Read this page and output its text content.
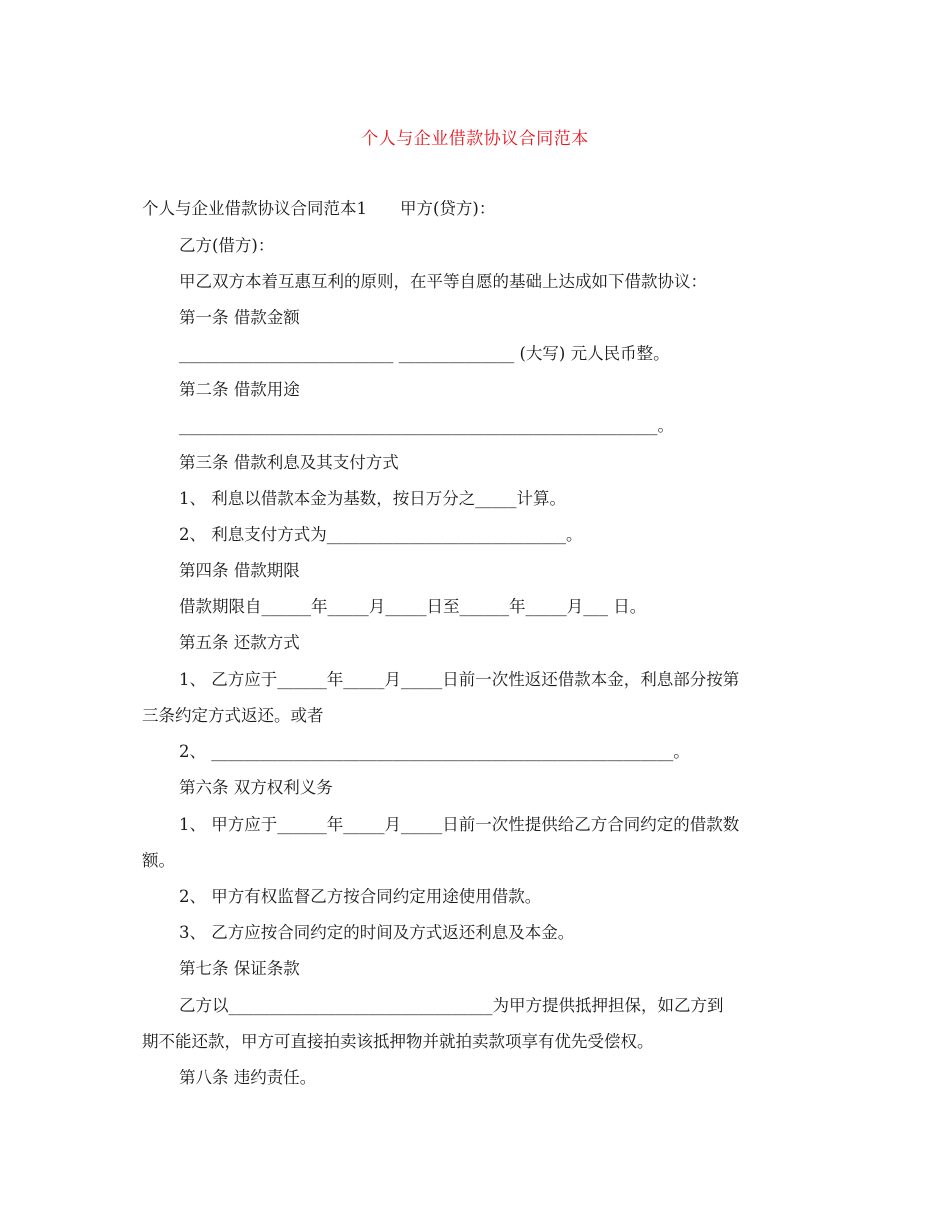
个人与企业借款协议合同范本
个人与企业借款协议合同范本1　　甲方(贷方)：
乙方(借方)：
甲乙双方本着互惠互利的原则，在平等自愿的基础上达成如下借款协议：
第一条 借款金额
__________________________ ______________ (大写) 元人民币整。
第二条 借款用途
__________________________________________________________。
第三条 借款利息及其支付方式
1、 利息以借款本金为基数，按日万分之_____计算。
2、 利息支付方式为_____________________________。
第四条 借款期限
借款期限自______年_____月_____日至______年_____月___ 日。
第五条 还款方式
1、 乙方应于______年_____月_____日前一次性返还借款本金，利息部分按第
三条约定方式返还。或者
2、 ________________________________________________________。
第六条 双方权利义务
1、 甲方应于______年_____月_____日前一次性提供给乙方合同约定的借款数
额。
2、 甲方有权监督乙方按合同约定用途使用借款。
3、 乙方应按合同约定的时间及方式返还利息及本金。
第七条 保证条款
乙方以________________________________为甲方提供抵押担保，如乙方到
期不能还款，甲方可直接拍卖该抵押物并就拍卖款项享有优先受偿权。
第八条 违约责任。
